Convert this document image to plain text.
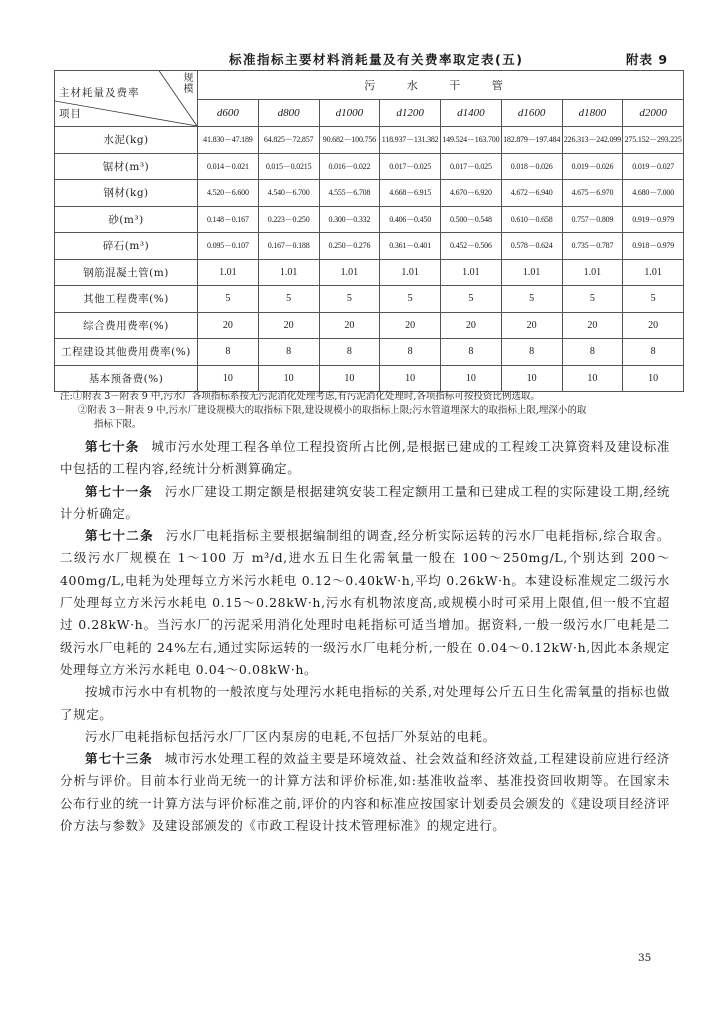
标准指标主要材料消耗量及有关费率取定表(五)	附表 9
规模
主材耗量及费率
项目	污 水 干 管							
	d600	d800	d1000	d1200	d1400	d1600	d1800	d2000
水泥(kg)	41.830－47.189	64.825－72.857	90.682－100.756	118.937－131.382	149.524－163.700	182.879－197.484	226.313－242.099	275.152－293.225
锯材(m³)	0.014－0.021	0.015－0.0215	0.016－0.022	0.017－0.025	0.017－0.025	0.018－0.026	0.019－0.026	0.019－0.027
钢材(kg)	4.520－6.600	4.540－6.700	4.555－6.708	4.668－6.915	4.670－6.920	4.672－6.940	4.675－6.970	4.680－7.000
砂(m³)	0.148－0.167	0.223－0.250	0.300－0.332	0.406－0.450	0.500－0.548	0.610－0.658	0.757－0.809	0.919－0.979
碎石(m³)	0.095－0.107	0.167－0.188	0.250－0.276	0.361－0.401	0.452－0.506	0.578－0.624	0.735－0.787	0.918－0.979
钢筋混凝土管(m)	1.01	1.01	1.01	1.01	1.01	1.01	1.01	1.01
其他工程费率(%)	5	5	5	5	5	5	5	5
综合费用费率(%)	20	20	20	20	20	20	20	20
工程建设其他费用费率(%)	8	8	8	8	8	8	8	8
基本预备费(%)	10	10	10	10	10	10	10	10
注:①附表 3－附表 9 中,污水厂各项指标系按无污泥消化处理考虑,有污泥消化处理时,各项指标可按投资比例选取。
②附表 3－附表 9 中,污水厂建设规模大的取指标下限,建设规模小的取指标上限;污水管道埋深大的取指标上限,埋深小的取
指标下限。

第七十条 城市污水处理工程各单位工程投资所占比例,是根据已建成的工程竣工决算资料及建设标准中包括的工程内容,经统计分析测算确定。

第七十一条 污水厂建设工期定额是根据建筑安装工程定额用工量和已建成工程的实际建设工期,经统计分析确定。

第七十二条 污水厂电耗指标主要根据编制组的调查,经分析实际运转的污水厂电耗指标,综合取舍。二级污水厂规模在 1～100 万 m³/d,进水五日生化需氧量一般在 100～250mg/L,个别达到 200～400mg/L,电耗为处理每立方米污水耗电 0.12～0.40kW·h,平均 0.26kW·h。本建设标准规定二级污水厂处理每立方米污水耗电 0.15～0.28kW·h,污水有机物浓度高,或规模小时可采用上限值,但一般不宜超过 0.28kW·h。当污水厂的污泥采用消化处理时电耗指标可适当增加。据资料,一般一级污水厂电耗是二级污水厂电耗的 24%左右,通过实际运转的一级污水厂电耗分析,一般在 0.04～0.12kW·h,因此本条规定处理每立方米污水耗电 0.04～0.08kW·h。

按城市污水中有机物的一般浓度与处理污水耗电指标的关系,对处理每公斤五日生化需氧量的指标也做了规定。

污水厂电耗指标包括污水厂厂区内泵房的电耗,不包括厂外泵站的电耗。

第七十三条 城市污水处理工程的效益主要是环境效益、社会效益和经济效益,工程建设前应进行经济分析与评价。目前本行业尚无统一的计算方法和评价标准,如:基准收益率、基准投资回收期等。在国家未公布行业的统一计算方法与评价标准之前,评价的内容和标准应按国家计划委员会颁发的《建设项目经济评价方法与参数》及建设部颁发的《市政工程设计技术管理标准》的规定进行。

35
